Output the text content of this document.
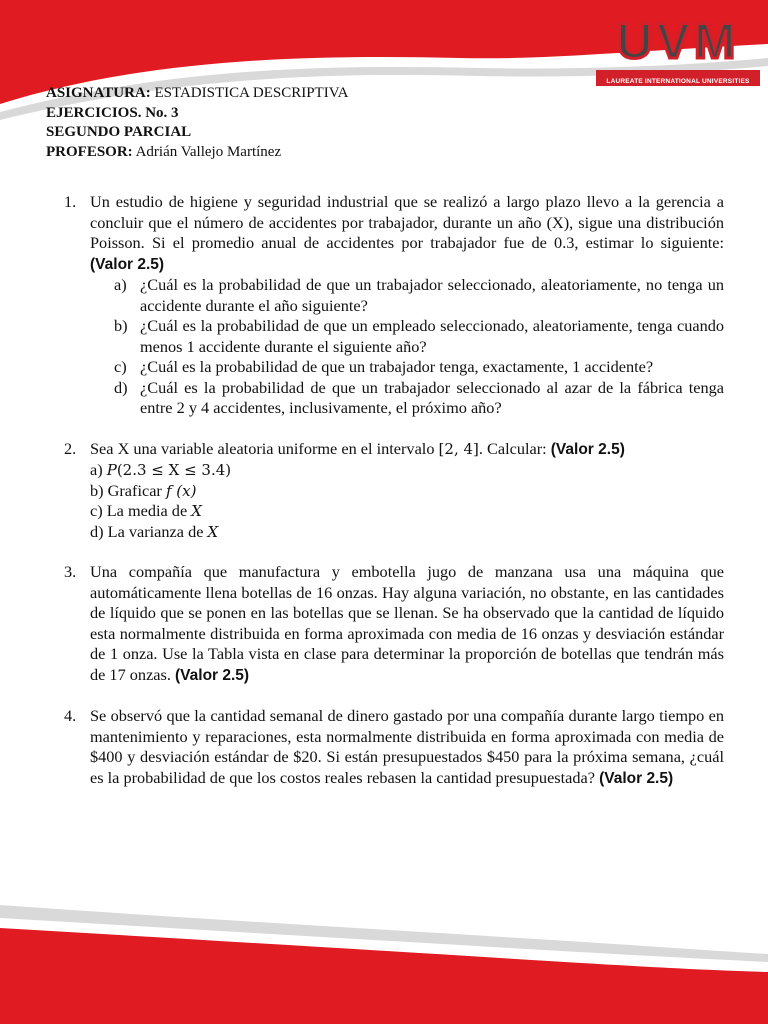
UVM
LAUREATE INTERNATIONAL UNIVERSITIES
ASIGNATURA: ESTADISTICA DESCRIPTIVA
EJERCICIOS. No. 3
SEGUNDO PARCIAL
PROFESOR: Adrián Vallejo Martínez
1. Un estudio de higiene y seguridad industrial que se realizó a largo plazo llevo a la gerencia a concluir que el número de accidentes por trabajador, durante un año (X), sigue una distribución Poisson. Si el promedio anual de accidentes por trabajador fue de 0.3, estimar lo siguiente: (Valor 2.5)
a) ¿Cuál es la probabilidad de que un trabajador seleccionado, aleatoriamente, no tenga un accidente durante el año siguiente?
b) ¿Cuál es la probabilidad de que un empleado seleccionado, aleatoriamente, tenga cuando menos 1 accidente durante el siguiente año?
c) ¿Cuál es la probabilidad de que un trabajador tenga, exactamente, 1 accidente?
d) ¿Cuál es la probabilidad de que un trabajador seleccionado al azar de la fábrica tenga entre 2 y 4 accidentes, inclusivamente, el próximo año?
2. Sea X una variable aleatoria uniforme en el intervalo [2, 4]. Calcular: (Valor 2.5)
a) P(2.3 ≤ X ≤ 3.4)
b) Graficar f (x)
c) La media de X
d) La varianza de X
3. Una compañía que manufactura y embotella jugo de manzana usa una máquina que automáticamente llena botellas de 16 onzas. Hay alguna variación, no obstante, en las cantidades de líquido que se ponen en las botellas que se llenan. Se ha observado que la cantidad de líquido esta normalmente distribuida en forma aproximada con media de 16 onzas y desviación estándar de 1 onza. Use la Tabla vista en clase para determinar la proporción de botellas que tendrán más de 17 onzas. (Valor 2.5)
4. Se observó que la cantidad semanal de dinero gastado por una compañía durante largo tiempo en mantenimiento y reparaciones, esta normalmente distribuida en forma aproximada con media de $400 y desviación estándar de $20. Si están presupuestados $450 para la próxima semana, ¿cuál es la probabilidad de que los costos reales rebasen la cantidad presupuestada? (Valor 2.5)
